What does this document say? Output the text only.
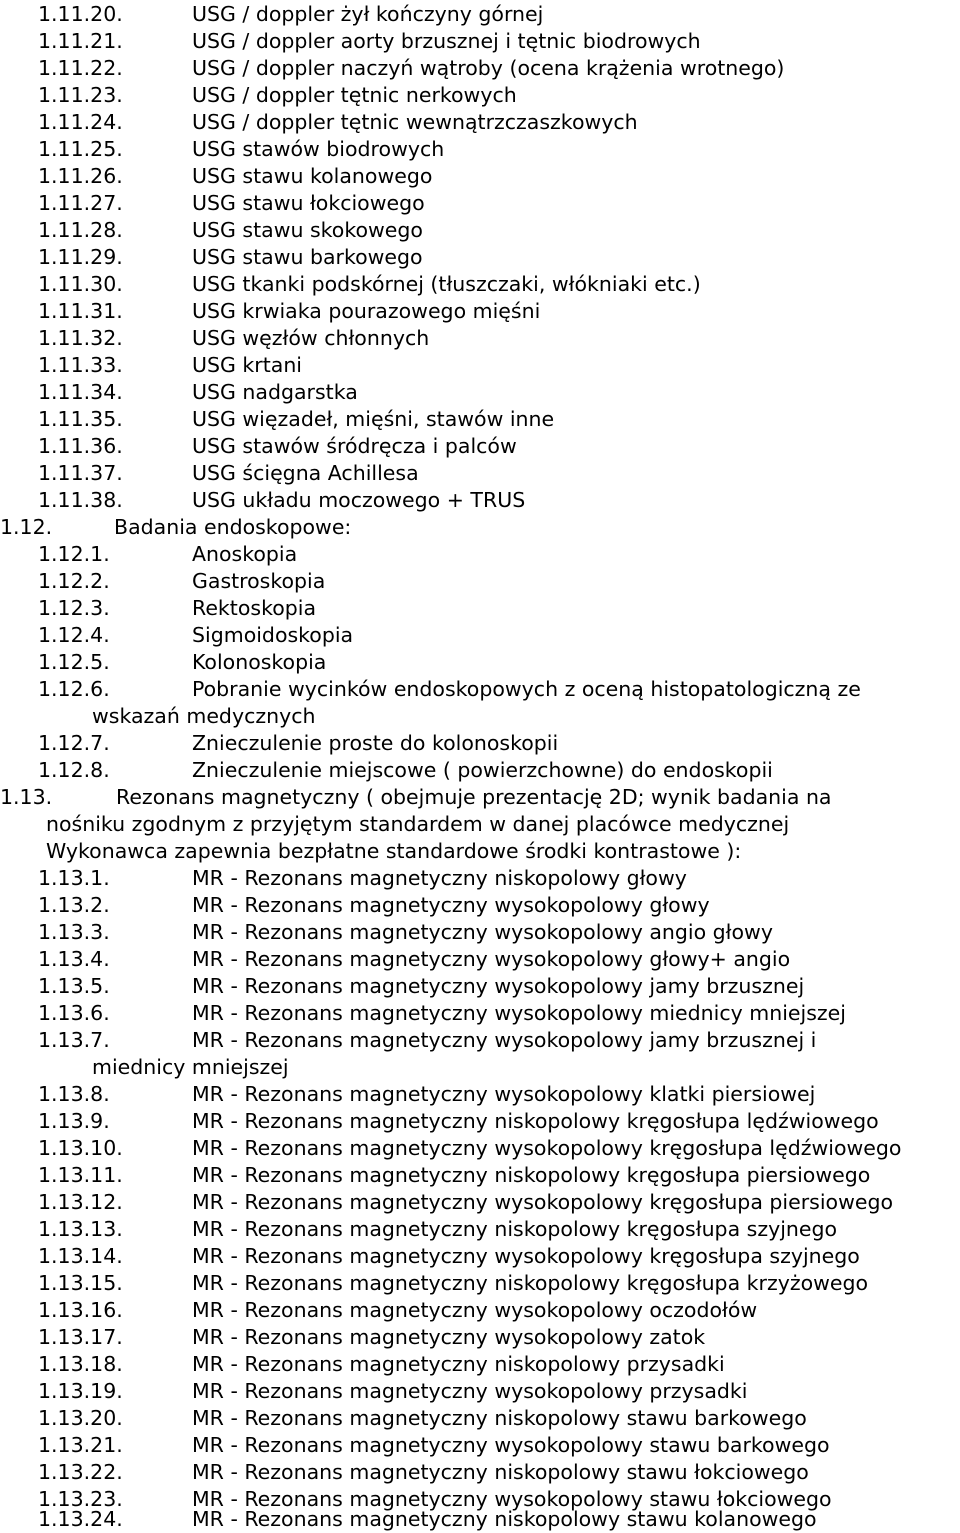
1.11.20.	USG / doppler żył kończyny górnej
1.11.21.	USG / doppler aorty brzusznej i tętnic biodrowych
1.11.22.	USG / doppler naczyń wątroby (ocena krążenia wrotnego)
1.11.23.	USG / doppler tętnic nerkowych
1.11.24.	USG / doppler tętnic wewnątrzczaszkowych
1.11.25.	USG stawów biodrowych
1.11.26.	USG stawu kolanowego
1.11.27.	USG stawu łokciowego
1.11.28.	USG stawu skokowego
1.11.29.	USG stawu barkowego
1.11.30.	USG tkanki podskórnej (tłuszczaki, włókniaki etc.)
1.11.31.	USG krwiaka pourazowego mięśni
1.11.32.	USG węzłów chłonnych
1.11.33.	USG krtani
1.11.34.	USG nadgarstka
1.11.35.	USG więzadeł, mięśni, stawów inne
1.11.36.	USG stawów śródręcza i palców
1.11.37.	USG ścięgna Achillesa
1.11.38.	USG układu moczowego + TRUS
1.12.	Badania endoskopowe:
1.12.1.	Anoskopia
1.12.2.	Gastroskopia
1.12.3.	Rektoskopia
1.12.4.	Sigmoidoskopia
1.12.5.	Kolonoskopia
1.12.6.	Pobranie wycinków endoskopowych z oceną histopatologiczną ze
wskazań medycznych
1.12.7.	Znieczulenie proste do kolonoskopii
1.12.8.	Znieczulenie miejscowe ( powierzchowne) do endoskopii
1.13.	Rezonans magnetyczny ( obejmuje prezentację 2D; wynik badania na
nośniku zgodnym z przyjętym standardem w danej placówce medycznej
Wykonawca zapewnia bezpłatne standardowe środki kontrastowe ):
1.13.1.	MR - Rezonans magnetyczny niskopolowy głowy
1.13.2.	MR - Rezonans magnetyczny wysokopolowy głowy
1.13.3.	MR - Rezonans magnetyczny wysokopolowy angio głowy
1.13.4.	MR - Rezonans magnetyczny wysokopolowy głowy+ angio
1.13.5.	MR - Rezonans magnetyczny wysokopolowy jamy brzusznej
1.13.6.	MR - Rezonans magnetyczny wysokopolowy miednicy mniejszej
1.13.7.	MR - Rezonans magnetyczny wysokopolowy jamy brzusznej i
miednicy mniejszej
1.13.8.	MR - Rezonans magnetyczny wysokopolowy klatki piersiowej
1.13.9.	MR - Rezonans magnetyczny niskopolowy kręgosłupa lędźwiowego
1.13.10.	MR - Rezonans magnetyczny wysokopolowy kręgosłupa lędźwiowego
1.13.11.	MR - Rezonans magnetyczny niskopolowy kręgosłupa piersiowego
1.13.12.	MR - Rezonans magnetyczny wysokopolowy kręgosłupa piersiowego
1.13.13.	MR - Rezonans magnetyczny niskopolowy kręgosłupa szyjnego
1.13.14.	MR - Rezonans magnetyczny wysokopolowy kręgosłupa szyjnego
1.13.15.	MR - Rezonans magnetyczny niskopolowy kręgosłupa krzyżowego
1.13.16.	MR - Rezonans magnetyczny wysokopolowy oczodołów
1.13.17.	MR - Rezonans magnetyczny wysokopolowy zatok
1.13.18.	MR - Rezonans magnetyczny niskopolowy przysadki
1.13.19.	MR - Rezonans magnetyczny wysokopolowy przysadki
1.13.20.	MR - Rezonans magnetyczny niskopolowy stawu barkowego
1.13.21.	MR - Rezonans magnetyczny wysokopolowy stawu barkowego
1.13.22.	MR - Rezonans magnetyczny niskopolowy stawu łokciowego
1.13.23.	MR - Rezonans magnetyczny wysokopolowy stawu łokciowego
1.13.24.	MR - Rezonans magnetyczny niskopolowy stawu kolanowego
